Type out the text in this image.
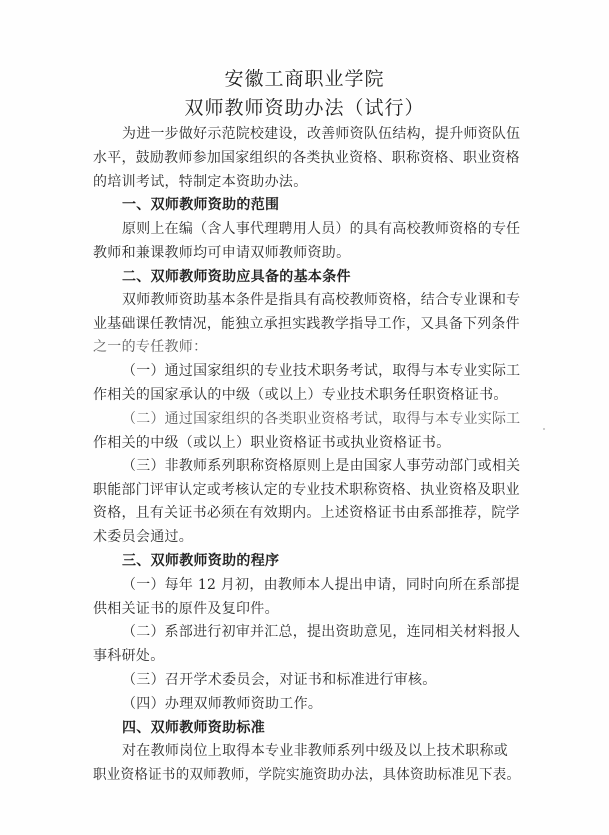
安徽工商职业学院
双师教师资助办法（试行）
为进一步做好示范院校建设，改善师资队伍结构，提升师资队伍
水平，鼓励教师参加国家组织的各类执业资格、职称资格、职业资格
的培训考试，特制定本资助办法。
一、双师教师资助的范围
原则上在编（含人事代理聘用人员）的具有高校教师资格的专任
教师和兼课教师均可申请双师教师资助。
二、双师教师资助应具备的基本条件
双师教师资助基本条件是指具有高校教师资格，结合专业课和专
业基础课任教情况，能独立承担实践教学指导工作，又具备下列条件
之一的专任教师：
（一）通过国家组织的专业技术职务考试，取得与本专业实际工
作相关的国家承认的中级（或以上）专业技术职务任职资格证书。
（二）通过国家组织的各类职业资格考试，取得与本专业实际工
作相关的中级（或以上）职业资格证书或执业资格证书。
（三）非教师系列职称资格原则上是由国家人事劳动部门或相关
职能部门评审认定或考核认定的专业技术职称资格、执业资格及职业
资格，且有关证书必须在有效期内。上述资格证书由系部推荐，院学
术委员会通过。
三、双师教师资助的程序
（一）每年 12 月初，由教师本人提出申请，同时向所在系部提
供相关证书的原件及复印件。
（二）系部进行初审并汇总，提出资助意见，连同相关材料报人
事科研处。
（三）召开学术委员会，对证书和标准进行审核。
（四）办理双师教师资助工作。
四、双师教师资助标准
对在教师岗位上取得本专业非教师系列中级及以上技术职称或
职业资格证书的双师教师，学院实施资助办法，具体资助标准见下表。
